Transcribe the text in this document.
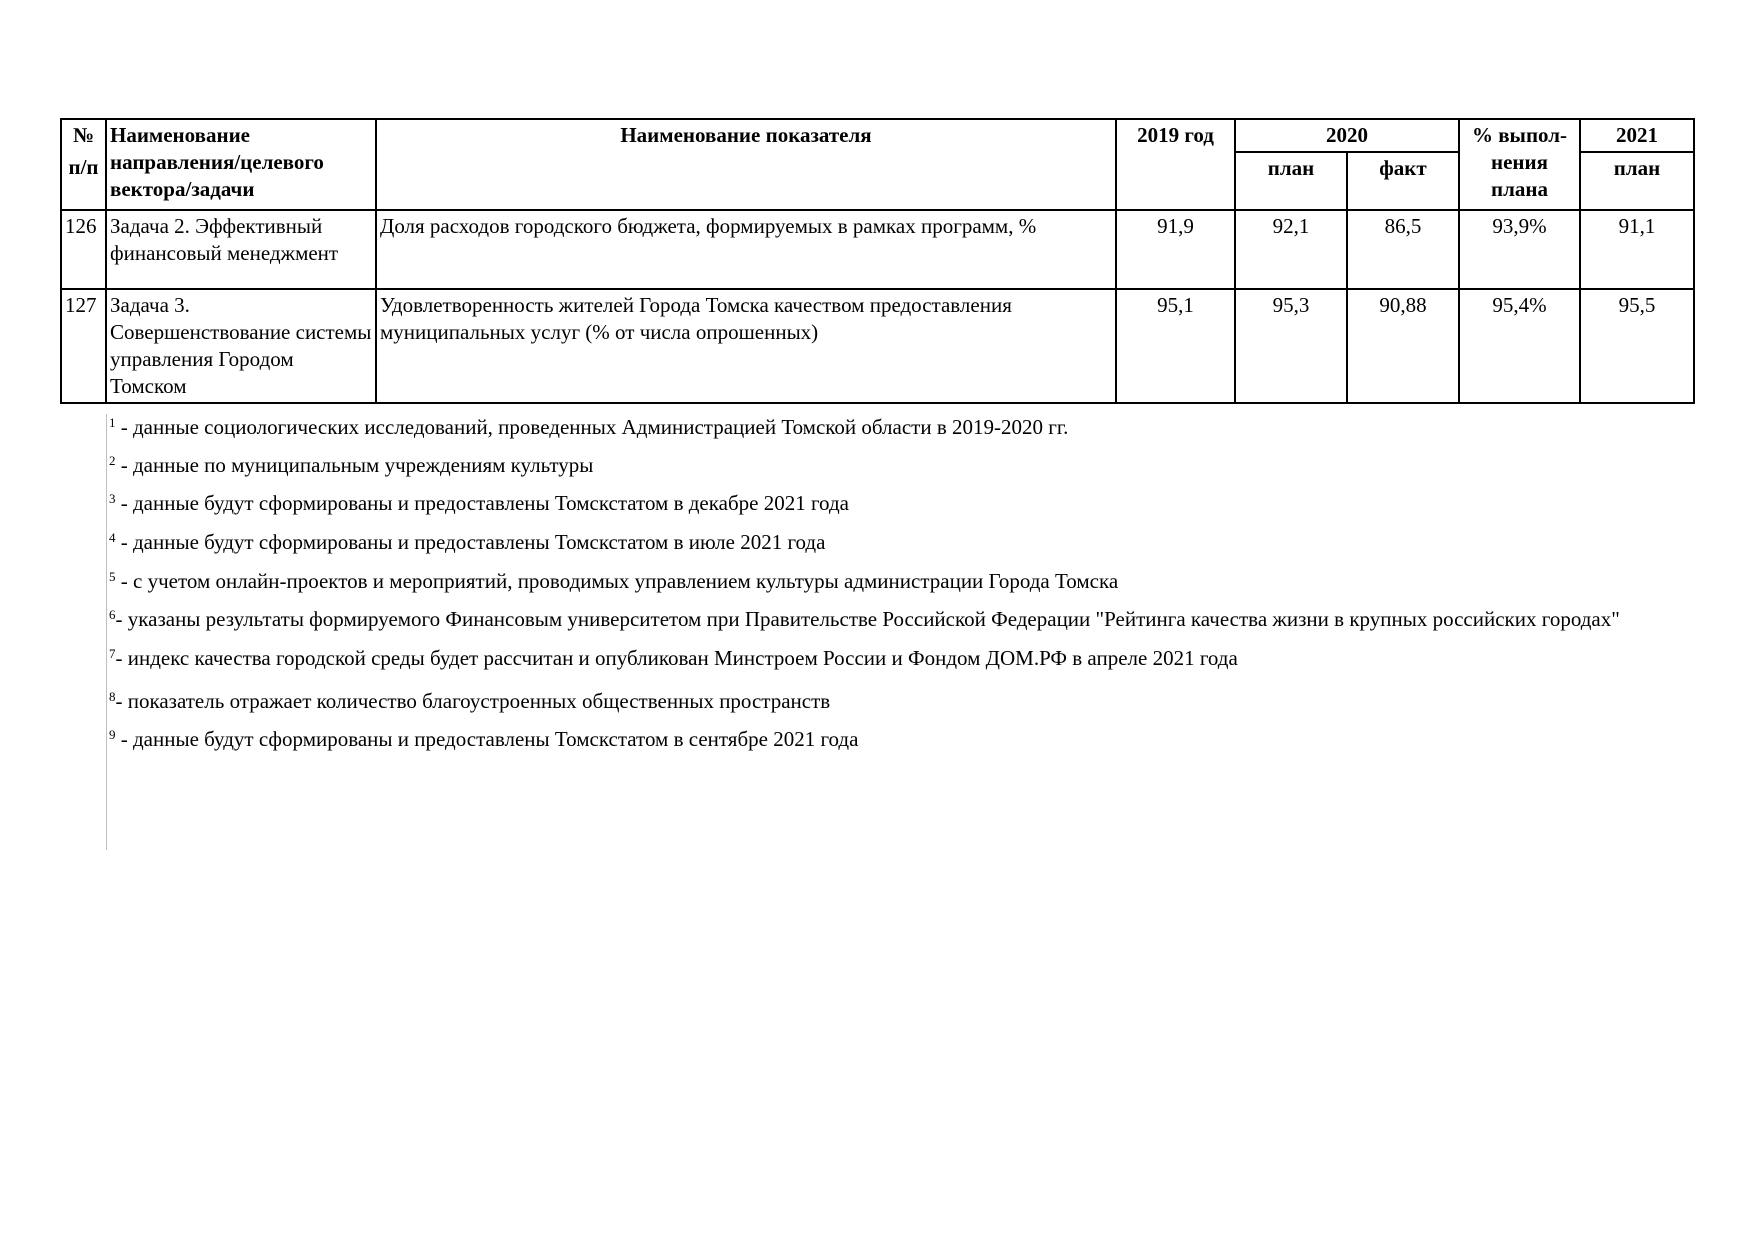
№	Наименование направления/целевого вектора/задачи	Наименование показателя	2019 год	2020		% выпол-нения плана	2021
п/п				план	факт		план
126	Задача 2. Эффективный финансовый менеджмент	Доля расходов городского бюджета, формируемых в рамках программ, %	91,9	92,1	86,5	93,9%	91,1
127	Задача 3. Совершенствование системы управления Городом Томском	Удовлетворенность жителей Города Томска качеством предоставления муниципальных услуг (% от числа опрошенных)	95,1	95,3	90,88	95,4%	95,5
$^1$ - данные социологических исследований, проведенных Администрацией Томской области в 2019-2020 гг.
$^2$ - данные по муниципальным учреждениям культуры
$^3$ - данные будут сформированы и предоставлены Томскстатом в декабре 2021 года
$^4$ - данные будут сформированы и предоставлены Томскстатом в июле 2021 года
$^5$ - с учетом онлайн-проектов и мероприятий, проводимых управлением культуры администрации Города Томска
$^6$- указаны результаты формируемого Финансовым университетом при Правительстве Российской Федерации "Рейтинга качества жизни в крупных российских городах"
$^7$- индекс качества городской среды будет рассчитан и опубликован Минстроем России и Фондом ДОМ.РФ в апреле 2021 года
$^8$- показатель отражает количество благоустроенных общественных пространств
$^9$ - данные будут сформированы и предоставлены Томскстатом в сентябре 2021 года
